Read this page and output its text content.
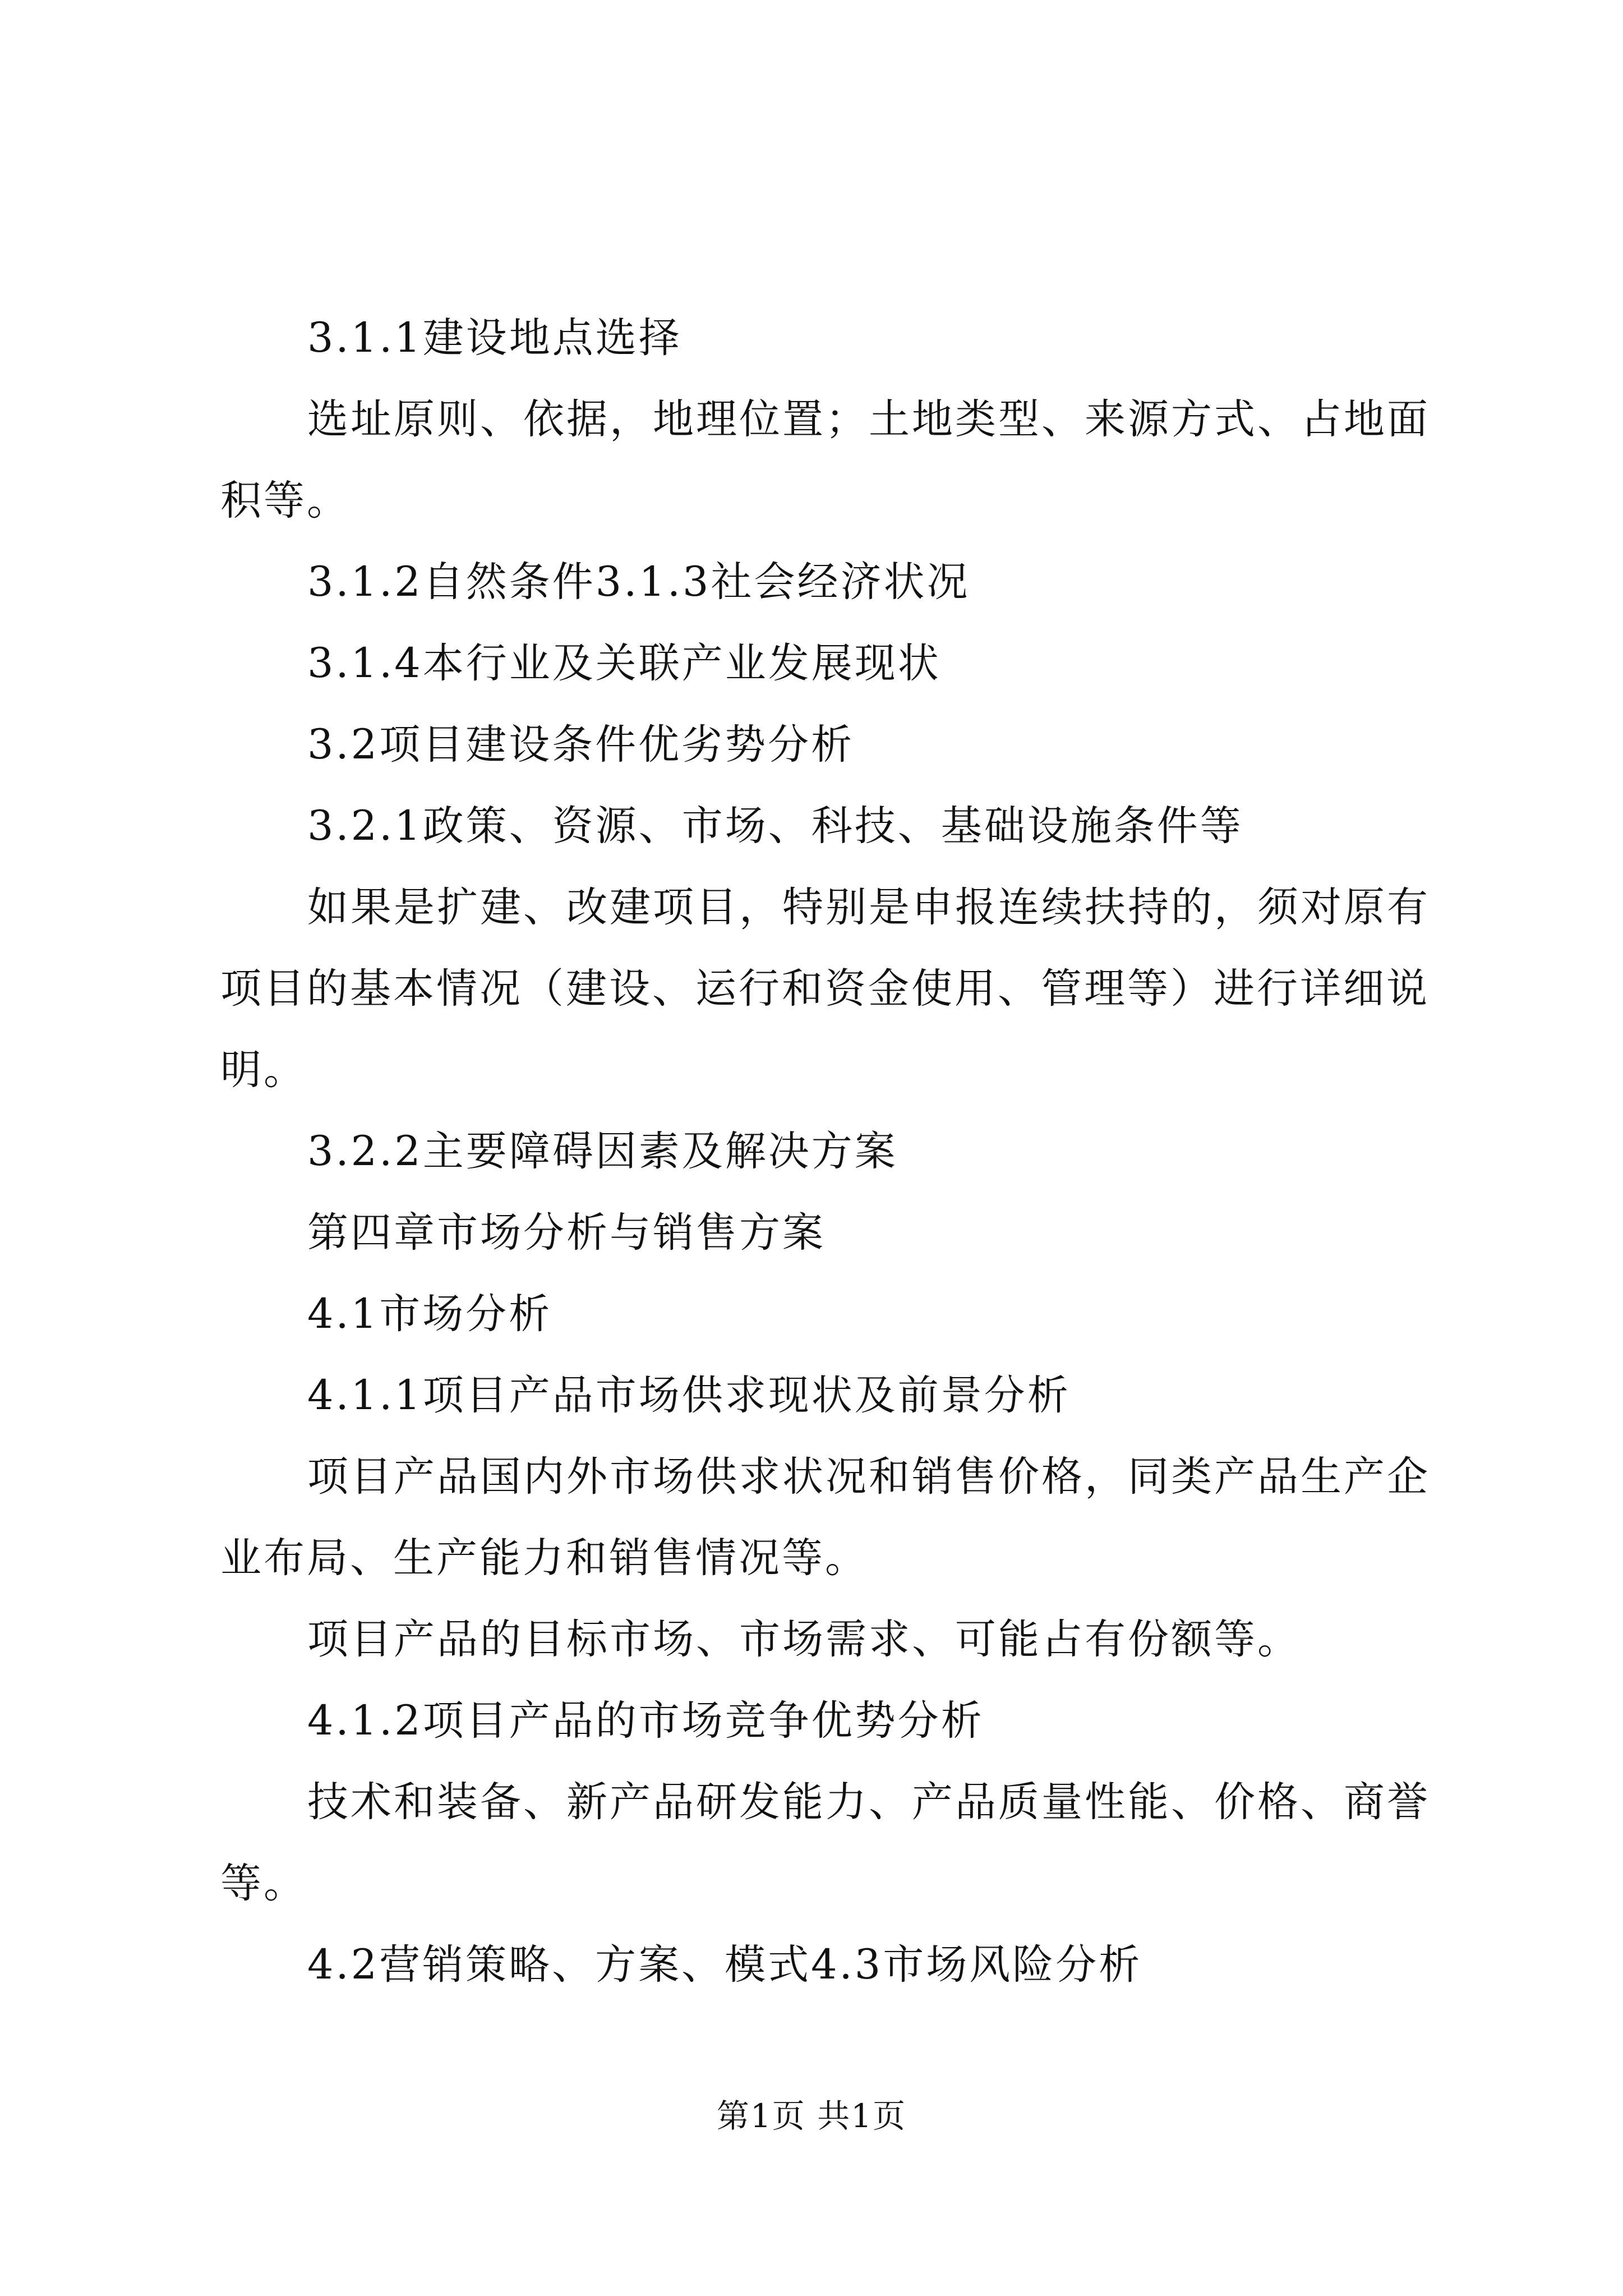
3.1.1建设地点选择
选址原则、依据，地理位置；土地类型、来源方式、占地面
积等。
3.1.2自然条件3.1.3社会经济状况
3.1.4本行业及关联产业发展现状
3.2项目建设条件优劣势分析
3.2.1政策、资源、市场、科技、基础设施条件等
如果是扩建、改建项目，特别是申报连续扶持的，须对原有
项目的基本情况（建设、运行和资金使用、管理等）进行详细说
明。
3.2.2主要障碍因素及解决方案
第四章市场分析与销售方案
4.1市场分析
4.1.1项目产品市场供求现状及前景分析
项目产品国内外市场供求状况和销售价格，同类产品生产企
业布局、生产能力和销售情况等。
项目产品的目标市场、市场需求、可能占有份额等。
4.1.2项目产品的市场竞争优势分析
技术和装备、新产品研发能力、产品质量性能、价格、商誉
等。
4.2营销策略、方案、模式4.3市场风险分析
第1页 共1页
